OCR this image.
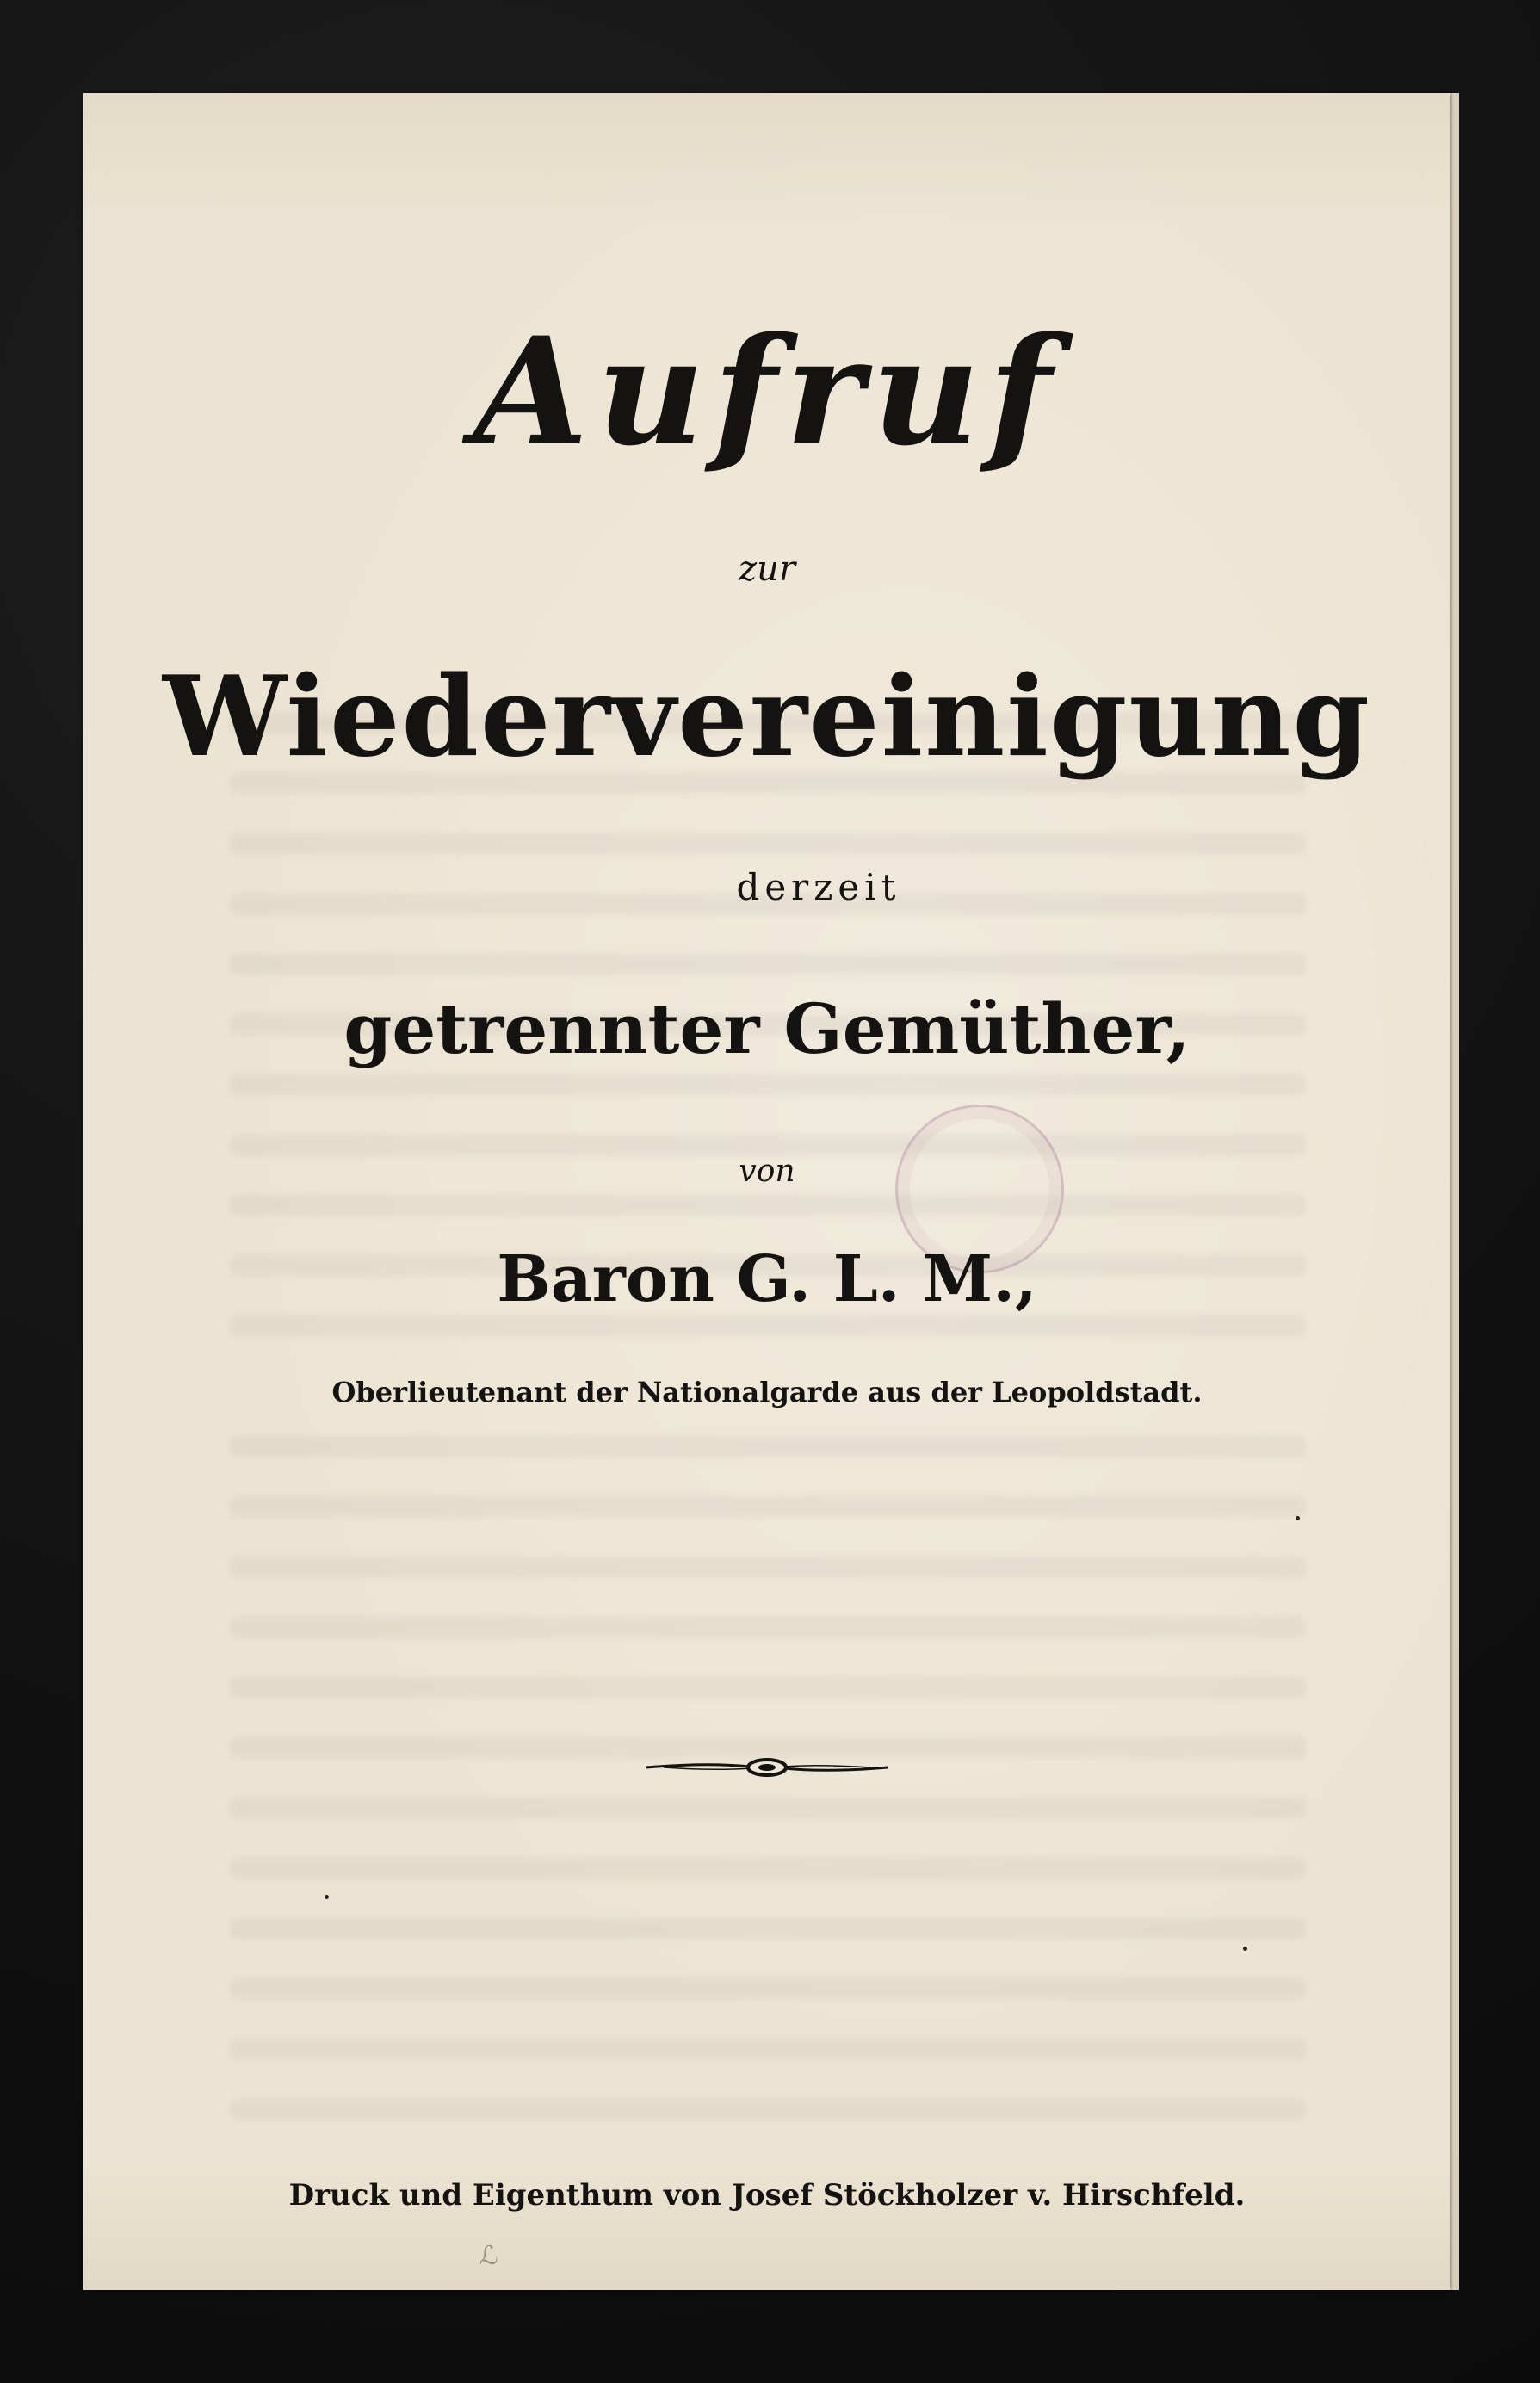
Aufruf
zur
Wiedervereinigung
derzeit
getrennter Gemüther,
von
Baron G. L. M.,
Oberlieutenant der Nationalgarde aus der Leopoldstadt.
Druck und Eigenthum von Josef Stöckholzer v. Hirschfeld.
ℒ
